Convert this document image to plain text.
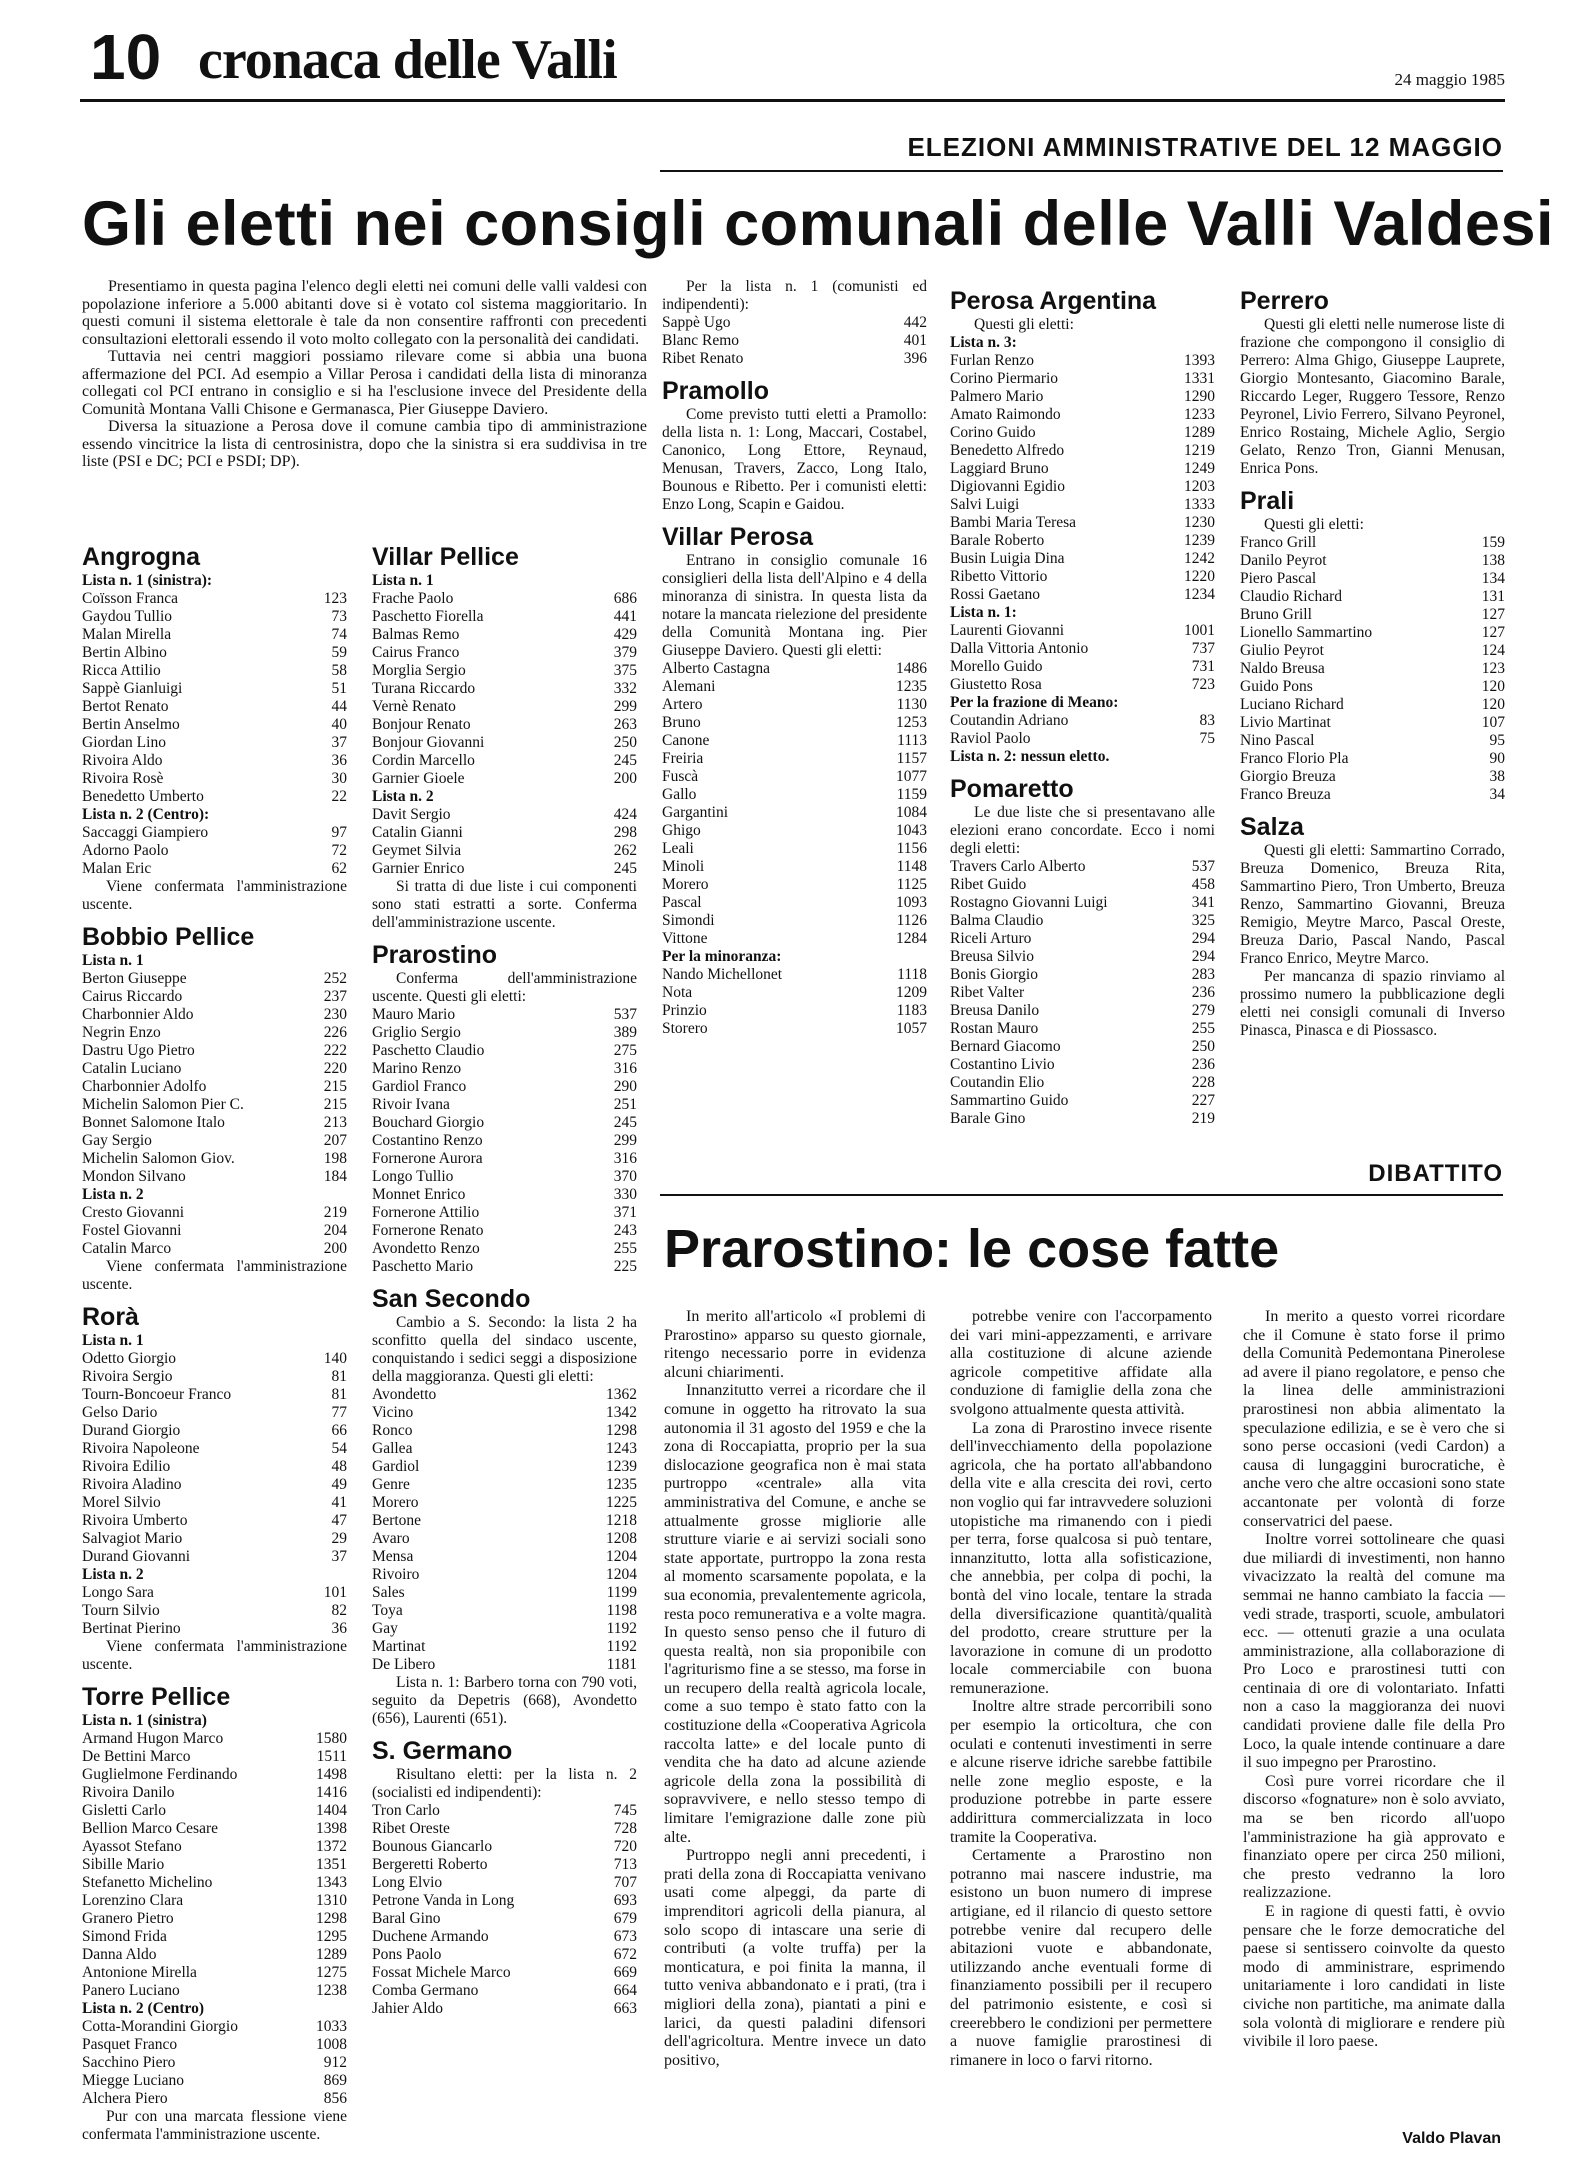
10 cronaca delle Valli	24 maggio 1985
ELEZIONI AMMINISTRATIVE DEL 12 MAGGIO
Gli eletti nei consigli comunali delle Valli Valdesi

Presentiamo in questa pagina l'elenco degli eletti nei comuni delle valli valdesi con popolazione inferiore a 5.000 abitanti dove si è votato col sistema maggioritario. In questi comuni il sistema elettorale è tale da non consentire raffronti con precedenti consultazioni elettorali essendo il voto molto collegato con la personalità dei candidati.

Tuttavia nei centri maggiori possiamo rilevare come si abbia una buona affermazione del PCI. Ad esempio a Villar Perosa i candidati della lista di minoranza collegati col PCI entrano in consiglio e si ha l'esclusione invece del Presidente della Comunità Montana Valli Chisone e Germanasca, Pier Giuseppe Daviero.

Diversa la situazione a Perosa dove il comune cambia tipo di amministrazione essendo vincitrice la lista di centrosinistra, dopo che la sinistra si era suddivisa in tre liste (PSI e DC; PCI e PSDI; DP).

Angrogna
Lista n. 1 (sinistra):
Coïsson Franca	123
Gaydou Tullio	73
Malan Mirella	74
Bertin Albino	59
Ricca Attilio	58
Sappè Gianluigi	51
Bertot Renato	44
Bertin Anselmo	40
Giordan Lino	37
Rivoira Aldo	36
Rivoira Rosè	30
Benedetto Umberto	22
Lista n. 2 (Centro):
Saccaggi Giampiero	97
Adorno Paolo	72
Malan Eric	62
Viene confermata l'amministrazione uscente.
Bobbio Pellice
Lista n. 1
Berton Giuseppe	252
Cairus Riccardo	237
Charbonnier Aldo	230
Negrin Enzo	226
Dastru Ugo Pietro	222
Catalin Luciano	220
Charbonnier Adolfo	215
Michelin Salomon Pier C.	215
Bonnet Salomone Italo	213
Gay Sergio	207
Michelin Salomon Giov.	198
Mondon Silvano	184
Lista n. 2
Cresto Giovanni	219
Fostel Giovanni	204
Catalin Marco	200
Viene confermata l'amministrazione uscente.
Rorà
Lista n. 1
Odetto Giorgio	140
Rivoira Sergio	81
Tourn-Boncoeur Franco	81
Gelso Dario	77
Durand Giorgio	66
Rivoira Napoleone	54
Rivoira Edilio	48
Rivoira Aladino	49
Morel Silvio	41
Rivoira Umberto	47
Salvagiot Mario	29
Durand Giovanni	37
Lista n. 2
Longo Sara	101
Tourn Silvio	82
Bertinat Pierino	36
Viene confermata l'amministrazione uscente.
Torre Pellice
Lista n. 1 (sinistra)
Armand Hugon Marco	1580
De Bettini Marco	1511
Guglielmone Ferdinando	1498
Rivoira Danilo	1416
Gisletti Carlo	1404
Bellion Marco Cesare	1398
Ayassot Stefano	1372
Sibille Mario	1351
Stefanetto Michelino	1343
Lorenzino Clara	1310
Granero Pietro	1298
Simond Frida	1295
Danna Aldo	1289
Antonione Mirella	1275
Panero Luciano	1238
Lista n. 2 (Centro)
Cotta-Morandini Giorgio	1033
Pasquet Franco	1008
Sacchino Piero	912
Miegge Luciano	869
Alchera Piero	856
Pur con una marcata flessione viene confermata l'amministrazione uscente.
Villar Pellice
Lista n. 1
Frache Paolo	686
Paschetto Fiorella	441
Balmas Remo	429
Cairus Franco	379
Morglia Sergio	375
Turana Riccardo	332
Vernè Renato	299
Bonjour Renato	263
Bonjour Giovanni	250
Cordin Marcello	245
Garnier Gioele	200
Lista n. 2
Davit Sergio	424
Catalin Gianni	298
Geymet Silvia	262
Garnier Enrico	245
Si tratta di due liste i cui componenti sono stati estratti a sorte. Conferma dell'amministrazione uscente.
Prarostino
Conferma dell'amministrazione uscente. Questi gli eletti:
Mauro Mario	537
Griglio Sergio	389
Paschetto Claudio	275
Marino Renzo	316
Gardiol Franco	290
Rivoir Ivana	251
Bouchard Giorgio	245
Costantino Renzo	299
Fornerone Aurora	316
Longo Tullio	370
Monnet Enrico	330
Fornerone Attilio	371
Fornerone Renato	243
Avondetto Renzo	255
Paschetto Mario	225
San Secondo
Cambio a S. Secondo: la lista 2 ha sconfitto quella del sindaco uscente, conquistando i sedici seggi a disposizione della maggioranza. Questi gli eletti:
Avondetto	1362
Vicino	1342
Ronco	1298
Gallea	1243
Gardiol	1239
Genre	1235
Morero	1225
Bertone	1218
Avaro	1208
Mensa	1204
Rivoiro	1204
Sales	1199
Toya	1198
Gay	1192
Martinat	1192
De Libero	1181
Lista n. 1: Barbero torna con 790 voti, seguito da Depetris (668), Avondetto (656), Laurenti (651).
S. Germano
Risultano eletti: per la lista n. 2 (socialisti ed indipendenti):
Tron Carlo	745
Ribet Oreste	728
Bounous Giancarlo	720
Bergeretti Roberto	713
Long Elvio	707
Petrone Vanda in Long	693
Baral Gino	679
Duchene Armando	673
Pons Paolo	672
Fossat Michele Marco	669
Comba Germano	664
Jahier Aldo	663
Per la lista n. 1 (comunisti ed indipendenti):
Sappè Ugo	442
Blanc Remo	401
Ribet Renato	396
Pramollo
Come previsto tutti eletti a Pramollo: della lista n. 1: Long, Maccari, Costabel, Canonico, Long Ettore, Reynaud, Menusan, Travers, Zacco, Long Italo, Bounous e Ribetto. Per i comunisti eletti: Enzo Long, Scapin e Gaidou.
Villar Perosa
Entrano in consiglio comunale 16 consiglieri della lista dell'Alpino e 4 della minoranza di sinistra. In questa lista da notare la mancata rielezione del presidente della Comunità Montana ing. Pier Giuseppe Daviero. Questi gli eletti:
Alberto Castagna	1486
Alemani	1235
Artero	1130
Bruno	1253
Canone	1113
Freiria	1157
Fuscà	1077
Gallo	1159
Gargantini	1084
Ghigo	1043
Leali	1156
Minoli	1148
Morero	1125
Pascal	1093
Simondi	1126
Vittone	1284
Per la minoranza:
Nando Michellonet	1118
Nota	1209
Prinzio	1183
Storero	1057
Perosa Argentina
Questi gli eletti:
Lista n. 3:
Furlan Renzo	1393
Corino Piermario	1331
Palmero Mario	1290
Amato Raimondo	1233
Corino Guido	1289
Benedetto Alfredo	1219
Laggiard Bruno	1249
Digiovanni Egidio	1203
Salvi Luigi	1333
Bambi Maria Teresa	1230
Barale Roberto	1239
Busin Luigia Dina	1242
Ribetto Vittorio	1220
Rossi Gaetano	1234
Lista n. 1:
Laurenti Giovanni	1001
Dalla Vittoria Antonio	737
Morello Guido	731
Giustetto Rosa	723
Per la frazione di Meano:
Coutandin Adriano	83
Raviol Paolo	75
Lista n. 2: nessun eletto.
Pomaretto
Le due liste che si presentavano alle elezioni erano concordate. Ecco i nomi degli eletti:
Travers Carlo Alberto	537
Ribet Guido	458
Rostagno Giovanni Luigi	341
Balma Claudio	325
Riceli Arturo	294
Breusa Silvio	294
Bonis Giorgio	283
Ribet Valter	236
Breusa Danilo	279
Rostan Mauro	255
Bernard Giacomo	250
Costantino Livio	236
Coutandin Elio	228
Sammartino Guido	227
Barale Gino	219
Perrero
Questi gli eletti nelle numerose liste di frazione che compongono il consiglio di Perrero: Alma Ghigo, Giuseppe Lauprete, Giorgio Montesanto, Giacomino Barale, Riccardo Leger, Ruggero Tessore, Renzo Peyronel, Livio Ferrero, Silvano Peyronel, Enrico Rostaing, Michele Aglio, Sergio Gelato, Renzo Tron, Gianni Menusan, Enrica Pons.
Prali
Questi gli eletti:
Franco Grill	159
Danilo Peyrot	138
Piero Pascal	134
Claudio Richard	131
Bruno Grill	127
Lionello Sammartino	127
Giulio Peyrot	124
Naldo Breusa	123
Guido Pons	120
Luciano Richard	120
Livio Martinat	107
Nino Pascal	95
Franco Florio Pla	90
Giorgio Breuza	38
Franco Breuza	34
Salza
Questi gli eletti: Sammartino Corrado, Breuza Domenico, Breuza Rita, Sammartino Piero, Tron Umberto, Breuza Renzo, Sammartino Giovanni, Breuza Remigio, Meytre Marco, Pascal Oreste, Breuza Dario, Pascal Nando, Pascal Franco Enrico, Meytre Marco.
Per mancanza di spazio rinviamo al prossimo numero la pubblicazione degli eletti nei consigli comunali di Inverso Pinasca, Pinasca e di Piossasco.
DIBATTITO
Prarostino: le cose fatte

In merito all'articolo «I problemi di Prarostino» apparso su questo giornale, ritengo necessario porre in evidenza alcuni chiarimenti.

Innanzitutto verrei a ricordare che il comune in oggetto ha ritrovato la sua autonomia il 31 agosto del 1959 e che la zona di Roccapiatta, proprio per la sua dislocazione geografica non è mai stata purtroppo «centrale» alla vita amministrativa del Comune, e anche se attualmente grosse migliorie alle strutture viarie e ai servizi sociali sono state apportate, purtroppo la zona resta al momento scarsamente popolata, e la sua economia, prevalentemente agricola, resta poco remunerativa e a volte magra. In questo senso penso che il futuro di questa realtà, non sia proponibile con l'agriturismo fine a se stesso, ma forse in un recupero della realtà agricola locale, come a suo tempo è stato fatto con la costituzione della «Cooperativa Agricola raccolta latte» e del locale punto di vendita che ha dato ad alcune aziende agricole della zona la possibilità di sopravvivere, e nello stesso tempo di limitare l'emigrazione dalle zone più alte.

Purtroppo negli anni precedenti, i prati della zona di Roccapiatta venivano usati come alpeggi, da parte di imprenditori agricoli della pianura, al solo scopo di intascare una serie di contributi (a volte truffa) per la monticatura, e poi finita la manna, il tutto veniva abbandonato e i prati, (tra i migliori della zona), piantati a pini e larici, da questi paladini difensori dell'agricoltura. Mentre invece un dato positivo,

potrebbe venire con l'accorpamento dei vari mini-appezzamenti, e arrivare alla costituzione di alcune aziende agricole competitive affidate alla conduzione di famiglie della zona che svolgono attualmente questa attività.

La zona di Prarostino invece risente dell'invecchiamento della popolazione agricola, che ha portato all'abbandono della vite e alla crescita dei rovi, certo non voglio qui far intravvedere soluzioni utopistiche ma rimanendo con i piedi per terra, forse qualcosa si può tentare, innanzitutto, lotta alla sofisticazione, che annebbia, per colpa di pochi, la bontà del vino locale, tentare la strada della diversificazione quantità/qualità del prodotto, creare strutture per la lavorazione in comune di un prodotto locale commerciabile con buona remunerazione.

Inoltre altre strade percorribili sono per esempio la orticoltura, che con oculati e contenuti investimenti in serre e alcune riserve idriche sarebbe fattibile nelle zone meglio esposte, e la produzione potrebbe in parte essere addirittura commercializzata in loco tramite la Cooperativa.

Certamente a Prarostino non potranno mai nascere industrie, ma esistono un buon numero di imprese artigiane, ed il rilancio di questo settore potrebbe venire dal recupero delle abitazioni vuote e abbandonate, utilizzando anche eventuali forme di finanziamento possibili per il recupero del patrimonio esistente, e così si creerebbero le condizioni per permettere a nuove famiglie prarostinesi di rimanere in loco o farvi ritorno.

In merito a questo vorrei ricordare che il Comune è stato forse il primo della Comunità Pedemontana Pinerolese ad avere il piano regolatore, e penso che la linea delle amministrazioni prarostinesi non abbia alimentato la speculazione edilizia, e se è vero che si sono perse occasioni (vedi Cardon) a causa di lungaggini burocratiche, è anche vero che altre occasioni sono state accantonate per volontà di forze conservatrici del paese.

Inoltre vorrei sottolineare che quasi due miliardi di investimenti, non hanno vivacizzato la realtà del comune ma semmai ne hanno cambiato la faccia — vedi strade, trasporti, scuole, ambulatori ecc. — ottenuti grazie a una oculata amministrazione, alla collaborazione di Pro Loco e prarostinesi tutti con centinaia di ore di volontariato. Infatti non a caso la maggioranza dei nuovi candidati proviene dalle file della Pro Loco, la quale intende continuare a dare il suo impegno per Prarostino.

Così pure vorrei ricordare che il discorso «fognature» non è solo avviato, ma se ben ricordo all'uopo l'amministrazione ha già approvato e finanziato opere per circa 250 milioni, che presto vedranno la loro realizzazione.

E in ragione di questi fatti, è ovvio pensare che le forze democratiche del paese si sentissero coinvolte da questo modo di amministrare, esprimendo unitariamente i loro candidati in liste civiche non partitiche, ma animate dalla sola volontà di migliorare e rendere più vivibile il loro paese.

Valdo Plavan
